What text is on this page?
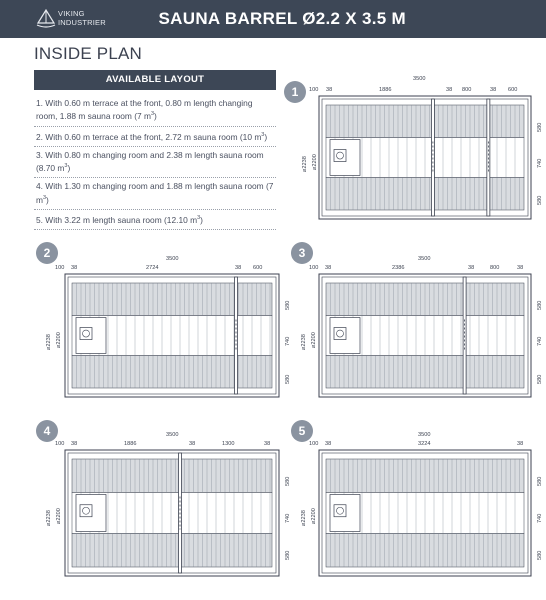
VIKING
INDUSTRIER	SAUNA BARREL Ø2.2 X 3.5 M
INSIDE PLAN
AVAILABLE LAYOUT
1. With 0.60 m terrace at the front, 0.80 m length changing room, 1.88 m sauna room (7 $m^3$)
2. With 0.60 m terrace at the front, 2.72 m sauna room (10 $m^3$)
3. With 0.80 m changing room and 2.38 m length sauna room (8.70 $m^3$)
4. With 1.30 m changing room and 1.88 m length sauna room (7 $m^3$)
5. With 3.22 m length sauna room (12.10 $m^3$)
1
3500
100 38	1886	38 800	38 600
⌀2238 ⌀2200
580
740
580
2	3500
100 38	2724	38 600
⌀2238 ⌀2200
580
740
580
3	3500
100 38	2386	38	800	38
⌀2238 ⌀2200
580
740
580
4	3500
100 38	1886	38	1300	38
⌀2238 ⌀2200
580
740
580
5	3500
100 38	3224	38
⌀2238 ⌀2200
580
740
580
